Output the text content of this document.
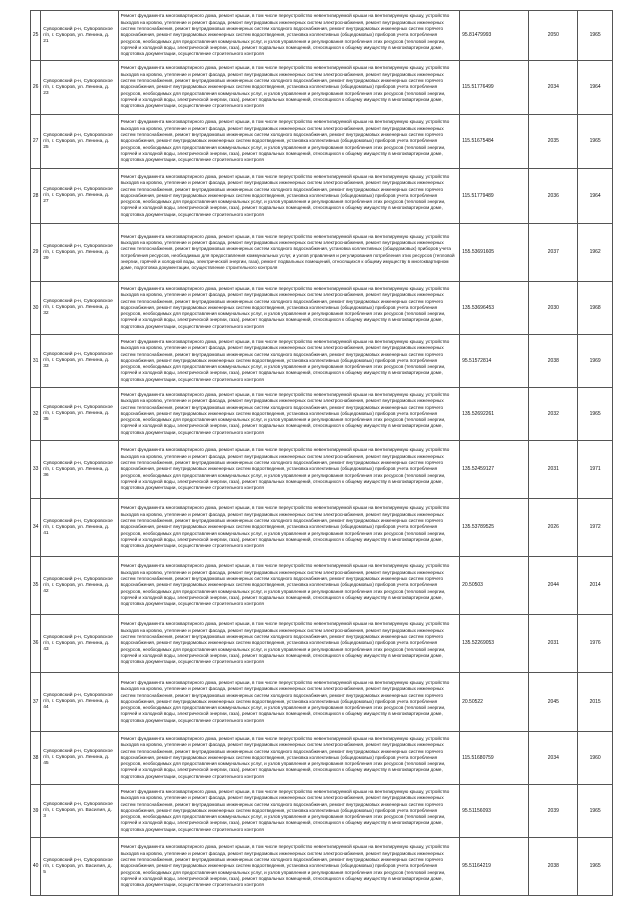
25	Суворовский р-н, Суворовское г/п, г. Суворов, ул. Ленина, д. 21	Ремонт фундамента многоквартирного дома, ремонт крыши, в том числе переустройство невентилируемой крыши на вентилируемую крышу, устройство выходов на кровлю, утепление и ремонт фасада, ремонт внутридомовых инженерных систем электроснабжения, ремонт внутридомовых инженерных систем теплоснабжения, ремонт внутридомовых инженерных систем холодного водоснабжения, ремонт внутридомовых инженерных систем горячего водоснабжения, ремонт внутридомовых инженерных систем водоотведения, установка коллективных (общедомовых) приборов учета потребления ресурсов, необходимых для предоставления коммунальных услуг, и узлов управления и регулирования потребления этих ресурсов (тепловой энергии, горячей и холодной воды, электрической энергии, газа), ремонт подвальных помещений, относящихся к общему имуществу в многоквартирном доме, подготовка документации, осуществление строительного контроля	95.81479993	2050	1965
26	Суворовский р-н, Суворовское г/п, г. Суворов, ул. Ленина, д. 23	Ремонт фундамента многоквартирного дома, ремонт крыши, в том числе переустройство невентилируемой крыши на вентилируемую крышу, устройство выходов на кровлю, утепление и ремонт фасада, ремонт внутридомовых инженерных систем электроснабжения, ремонт внутридомовых инженерных систем теплоснабжения, ремонт внутридомовых инженерных систем холодного водоснабжения, ремонт внутридомовых инженерных систем горячего водоснабжения, ремонт внутридомовых инженерных систем водоотведения, установка коллективных (общедомовых) приборов учета потребления ресурсов, необходимых для предоставления коммунальных услуг, и узлов управления и регулирования потребления этих ресурсов (тепловой энергии, горячей и холодной воды, электрической энергии, газа), ремонт подвальных помещений, относящихся к общему имуществу в многоквартирном доме, подготовка документации, осуществление строительного контроля	115.51776499	2034	1964
27	Суворовский р-н, Суворовское г/п, г. Суворов, ул. Ленина, д. 25	Ремонт фундамента многоквартирного дома, ремонт крыши, в том числе переустройство невентилируемой крыши на вентилируемую крышу, устройство выходов на кровлю, утепление и ремонт фасада, ремонт внутридомовых инженерных систем электроснабжения, ремонт внутридомовых инженерных систем теплоснабжения, ремонт внутридомовых инженерных систем холодного водоснабжения, ремонт внутридомовых инженерных систем горячего водоснабжения, ремонт внутридомовых инженерных систем водоотведения, установка коллективных (общедомовых) приборов учета потребления ресурсов, необходимых для предоставления коммунальных услуг, и узлов управления и регулирования потребления этих ресурсов (тепловой энергии, горячей и холодной воды, электрической энергии, газа), ремонт подвальных помещений, относящихся к общему имуществу в многоквартирном доме, подготовка документации, осуществление строительного контроля	115.51675484	2035	1965
28	Суворовский р-н, Суворовское г/п, г. Суворов, ул. Ленина, д. 27	Ремонт фундамента многоквартирного дома, ремонт крыши, в том числе переустройство невентилируемой крыши на вентилируемую крышу, устройство выходов на кровлю, утепление и ремонт фасада, ремонт внутридомовых инженерных систем электроснабжения, ремонт внутридомовых инженерных систем теплоснабжения, ремонт внутридомовых инженерных систем холодного водоснабжения, ремонт внутридомовых инженерных систем горячего водоснабжения, ремонт внутридомовых инженерных систем водоотведения, установка коллективных (общедомовых) приборов учета потребления ресурсов, необходимых для предоставления коммунальных услуг, и узлов управления и регулирования потребления этих ресурсов (тепловой энергии, горячей и холодной воды, электрической энергии, газа), ремонт подвальных помещений, относящихся к общему имуществу в многоквартирном доме, подготовка документации, осуществление строительного контроля	115.51779489	2036	1964
29	Суворовский р-н, Суворовское г/п, г. Суворов, ул. Ленина, д. 29	Ремонт фундамента многоквартирного дома, ремонт крыши, в том числе переустройство невентилируемой крыши на вентилируемую крышу, устройство выходов на кровлю, утепление и ремонт фасада, ремонт внутридомовых инженерных систем электроснабжения, ремонт внутридомовых инженерных систем теплоснабжения, ремонт внутридомовых инженерных систем холодного водоснабжения, установка коллективных (общедомовых) приборов учета потребления ресурсов, необходимых для предоставления коммунальных услуг, и узлов управления и регулирования потребления этих ресурсов (тепловой энергии, горячей и холодной воды, электрической энергии, газа), ремонт подвальных помещений, относящихся к общему имуществу в многоквартирном доме, подготовка документации, осуществление строительного контроля	155.53691605	2037	1962
30	Суворовский р-н, Суворовское г/п, г. Суворов, ул. Ленина, д. 32	Ремонт фундамента многоквартирного дома, ремонт крыши, в том числе переустройство невентилируемой крыши на вентилируемую крышу, устройство выходов на кровлю, утепление и ремонт фасада, ремонт внутридомовых инженерных систем электроснабжения, ремонт внутридомовых инженерных систем теплоснабжения, ремонт внутридомовых инженерных систем холодного водоснабжения, ремонт внутридомовых инженерных систем горячего водоснабжения, ремонт внутридомовых инженерных систем водоотведения, установка коллективных (общедомовых) приборов учета потребления ресурсов, необходимых для предоставления коммунальных услуг, и узлов управления и регулирования потребления этих ресурсов (тепловой энергии, горячей и холодной воды, электрической энергии, газа), ремонт подвальных помещений, относящихся к общему имуществу в многоквартирном доме, подготовка документации, осуществление строительного контроля	135.53696453	2030	1968
31	Суворовский р-н, Суворовское г/п, г. Суворов, ул. Ленина, д. 33	Ремонт фундамента многоквартирного дома, ремонт крыши, в том числе переустройство невентилируемой крыши на вентилируемую крышу, устройство выходов на кровлю, утепление и ремонт фасада, ремонт внутридомовых инженерных систем электроснабжения, ремонт внутридомовых инженерных систем теплоснабжения, ремонт внутридомовых инженерных систем холодного водоснабжения, ремонт внутридомовых инженерных систем горячего водоснабжения, ремонт внутридомовых инженерных систем водоотведения, установка коллективных (общедомовых) приборов учета потребления ресурсов, необходимых для предоставления коммунальных услуг, и узлов управления и регулирования потребления этих ресурсов (тепловой энергии, горячей и холодной воды, электрической энергии, газа), ремонт подвальных помещений, относящихся к общему имуществу в многоквартирном доме, подготовка документации, осуществление строительного контроля	95.51572814	2038	1969
32	Суворовский р-н, Суворовское г/п, г. Суворов, ул. Ленина, д. 35	Ремонт фундамента многоквартирного дома, ремонт крыши, в том числе переустройство невентилируемой крыши на вентилируемую крышу, устройство выходов на кровлю, утепление и ремонт фасада, ремонт внутридомовых инженерных систем электроснабжения, ремонт внутридомовых инженерных систем теплоснабжения, ремонт внутридомовых инженерных систем холодного водоснабжения, ремонт внутридомовых инженерных систем горячего водоснабжения, ремонт внутридомовых инженерных систем водоотведения, установка коллективных (общедомовых) приборов учета потребления ресурсов, необходимых для предоставления коммунальных услуг, и узлов управления и регулирования потребления этих ресурсов (тепловой энергии, горячей и холодной воды, электрической энергии, газа), ремонт подвальных помещений, относящихся к общему имуществу в многоквартирном доме, подготовка документации, осуществление строительного контроля	135.52692261	2032	1965
33	Суворовский р-н, Суворовское г/п, г. Суворов, ул. Ленина, д. 36	Ремонт фундамента многоквартирного дома, ремонт крыши, в том числе переустройство невентилируемой крыши на вентилируемую крышу, устройство выходов на кровлю, утепление и ремонт фасада, ремонт внутридомовых инженерных систем электроснабжения, ремонт внутридомовых инженерных систем теплоснабжения, ремонт внутридомовых инженерных систем холодного водоснабжения, ремонт внутридомовых инженерных систем горячего водоснабжения, ремонт внутридомовых инженерных систем водоотведения, установка коллективных (общедомовых) приборов учета потребления ресурсов, необходимых для предоставления коммунальных услуг, и узлов управления и регулирования потребления этих ресурсов (тепловой энергии, горячей и холодной воды, электрической энергии, газа), ремонт подвальных помещений, относящихся к общему имуществу в многоквартирном доме, подготовка документации, осуществление строительного контроля	135.52459127	2031	1971
34	Суворовский р-н, Суворовское г/п, г. Суворов, ул. Ленина, д. 41	Ремонт фундамента многоквартирного дома, ремонт крыши, в том числе переустройство невентилируемой крыши на вентилируемую крышу, устройство выходов на кровлю, утепление и ремонт фасада, ремонт внутридомовых инженерных систем электроснабжения, ремонт внутридомовых инженерных систем теплоснабжения, ремонт внутридомовых инженерных систем холодного водоснабжения, ремонт внутридомовых инженерных систем горячего водоснабжения, ремонт внутридомовых инженерных систем водоотведения, установка коллективных (общедомовых) приборов учета потребления ресурсов, необходимых для предоставления коммунальных услуг, и узлов управления и регулирования потребления этих ресурсов (тепловой энергии, горячей и холодной воды, электрической энергии, газа), ремонт подвальных помещений, относящихся к общему имуществу в многоквартирном доме, подготовка документации, осуществление строительного контроля	135.53789525	2026	1972
35	Суворовский р-н, Суворовское г/п, г. Суворов, ул. Ленина, д. 42	Ремонт фундамента многоквартирного дома, ремонт крыши, в том числе переустройство невентилируемой крыши на вентилируемую крышу, устройство выходов на кровлю, утепление и ремонт фасада, ремонт внутридомовых инженерных систем электроснабжения, ремонт внутридомовых инженерных систем теплоснабжения, ремонт внутридомовых инженерных систем холодного водоснабжения, ремонт внутридомовых инженерных систем горячего водоснабжения, ремонт внутридомовых инженерных систем водоотведения, установка коллективных (общедомовых) приборов учета потребления ресурсов, необходимых для предоставления коммунальных услуг, и узлов управления и регулирования потребления этих ресурсов (тепловой энергии, горячей и холодной воды, электрической энергии, газа), ремонт подвальных помещений, относящихся к общему имуществу в многоквартирном доме, подготовка документации, осуществление строительного контроля	20.50503	2044	2014
36	Суворовский р-н, Суворовское г/п, г. Суворов, ул. Ленина, д. 43	Ремонт фундамента многоквартирного дома, ремонт крыши, в том числе переустройство невентилируемой крыши на вентилируемую крышу, устройство выходов на кровлю, утепление и ремонт фасада, ремонт внутридомовых инженерных систем электроснабжения, ремонт внутридомовых инженерных систем теплоснабжения, ремонт внутридомовых инженерных систем холодного водоснабжения, ремонт внутридомовых инженерных систем горячего водоснабжения, ремонт внутридомовых инженерных систем водоотведения, установка коллективных (общедомовых) приборов учета потребления ресурсов, необходимых для предоставления коммунальных услуг, и узлов управления и регулирования потребления этих ресурсов (тепловой энергии, горячей и холодной воды, электрической энергии, газа), ремонт подвальных помещений, относящихся к общему имуществу в многоквартирном доме, подготовка документации, осуществление строительного контроля	135.52269053	2031	1976
37	Суворовский р-н, Суворовское г/п, г. Суворов, ул. Ленина, д. 44	Ремонт фундамента многоквартирного дома, ремонт крыши, в том числе переустройство невентилируемой крыши на вентилируемую крышу, устройство выходов на кровлю, утепление и ремонт фасада, ремонт внутридомовых инженерных систем электроснабжения, ремонт внутридомовых инженерных систем теплоснабжения, ремонт внутридомовых инженерных систем холодного водоснабжения, ремонт внутридомовых инженерных систем горячего водоснабжения, ремонт внутридомовых инженерных систем водоотведения, установка коллективных (общедомовых) приборов учета потребления ресурсов, необходимых для предоставления коммунальных услуг, и узлов управления и регулирования потребления этих ресурсов (тепловой энергии, горячей и холодной воды, электрической энергии, газа), ремонт подвальных помещений, относящихся к общему имуществу в многоквартирном доме, подготовка документации, осуществление строительного контроля	20.50522	2045	2015
38	Суворовский р-н, Суворовское г/п, г. Суворов, ул. Ленина, д. 45	Ремонт фундамента многоквартирного дома, ремонт крыши, в том числе переустройство невентилируемой крыши на вентилируемую крышу, устройство выходов на кровлю, утепление и ремонт фасада, ремонт внутридомовых инженерных систем электроснабжения, ремонт внутридомовых инженерных систем теплоснабжения, ремонт внутридомовых инженерных систем холодного водоснабжения, ремонт внутридомовых инженерных систем горячего водоснабжения, ремонт внутридомовых инженерных систем водоотведения, установка коллективных (общедомовых) приборов учета потребления ресурсов, необходимых для предоставления коммунальных услуг, и узлов управления и регулирования потребления этих ресурсов (тепловой энергии, горячей и холодной воды, электрической энергии, газа), ремонт подвальных помещений, относящихся к общему имуществу в многоквартирном доме, подготовка документации, осуществление строительного контроля	115.51680759	2034	1960
39	Суворовский р-н, Суворовское г/п, г. Суворов, ул. Василия, д. 3	Ремонт фундамента многоквартирного дома, ремонт крыши, в том числе переустройство невентилируемой крыши на вентилируемую крышу, устройство выходов на кровлю, утепление и ремонт фасада, ремонт внутридомовых инженерных систем электроснабжения, ремонт внутридомовых инженерных систем теплоснабжения, ремонт внутридомовых инженерных систем холодного водоснабжения, ремонт внутридомовых инженерных систем горячего водоснабжения, ремонт внутридомовых инженерных систем водоотведения, установка коллективных (общедомовых) приборов учета потребления ресурсов, необходимых для предоставления коммунальных услуг, и узлов управления и регулирования потребления этих ресурсов (тепловой энергии, горячей и холодной воды, электрической энергии, газа), ремонт подвальных помещений, относящихся к общему имуществу в многоквартирном доме, подготовка документации, осуществление строительного контроля	95.51156093	2039	1965
40	Суворовский р-н, Суворовское г/п, г. Суворов, ул. Василия, д. 5	Ремонт фундамента многоквартирного дома, ремонт крыши, в том числе переустройство невентилируемой крыши на вентилируемую крышу, устройство выходов на кровлю, утепление и ремонт фасада, ремонт внутридомовых инженерных систем электроснабжения, ремонт внутридомовых инженерных систем теплоснабжения, ремонт внутридомовых инженерных систем холодного водоснабжения, ремонт внутридомовых инженерных систем горячего водоснабжения, ремонт внутридомовых инженерных систем водоотведения, установка коллективных (общедомовых) приборов учета потребления ресурсов, необходимых для предоставления коммунальных услуг, и узлов управления и регулирования потребления этих ресурсов (тепловой энергии, горячей и холодной воды, электрической энергии, газа), ремонт подвальных помещений, относящихся к общему имуществу в многоквартирном доме, подготовка документации, осуществление строительного контроля	95.51164219	2038	1965
